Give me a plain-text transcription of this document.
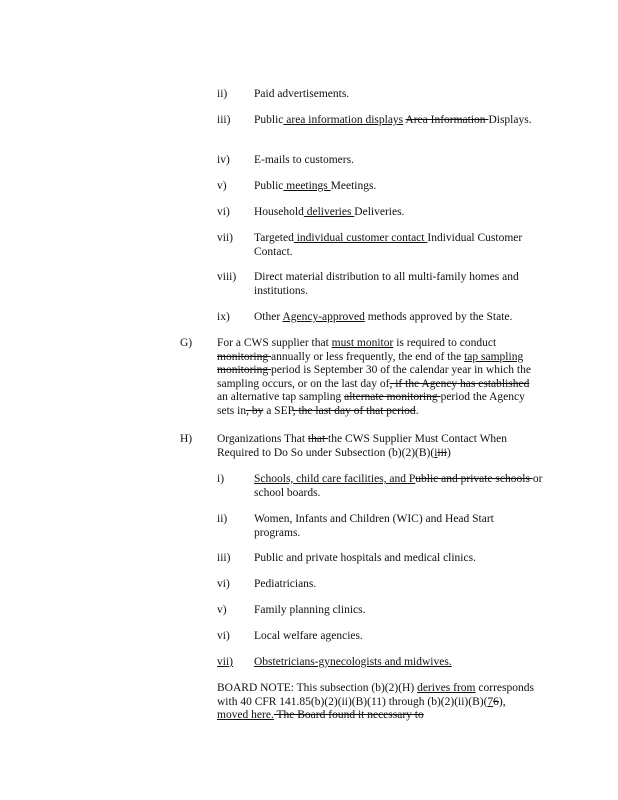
ii) Paid advertisements.
iii) Public area information displays Area Information Displays.
iv) E-mails to customers.
v) Public meetings Meetings.
vi) Household deliveries Deliveries.
vii) Targeted individual customer contact Individual Customer Contact.
viii) Direct material distribution to all multi-family homes and institutions.
ix) Other Agency-approved methods approved by the State.
G) For a CWS supplier that must monitor is required to conduct monitoring annually or less frequently, the end of the tap sampling monitoring period is September 30 of the calendar year in which the sampling occurs, or on the last day of, if the Agency has established an alternative tap sampling alternate monitoring period the Agency sets in, by a SEP, the last day of that period.
H) Organizations That that the CWS Supplier Must Contact When Required to Do So under Subsection (b)(2)(B)(iiii)
i)	Schools, child care facilities, and Public and private schools or school boards.
ii) Women, Infants and Children (WIC) and Head Start programs.
iii) Public and private hospitals and medical clinics.
vi) Pediatricians.
v) Family planning clinics.
vi) Local welfare agencies.
vii) Obstetricians-gynecologists and midwives.
BOARD NOTE: This subsection (b)(2)(H) derives from corresponds with 40 CFR 141.85(b)(2)(ii)(B)(11) through (b)(2)(ii)(B)(76), moved here. The Board found it necessary to
